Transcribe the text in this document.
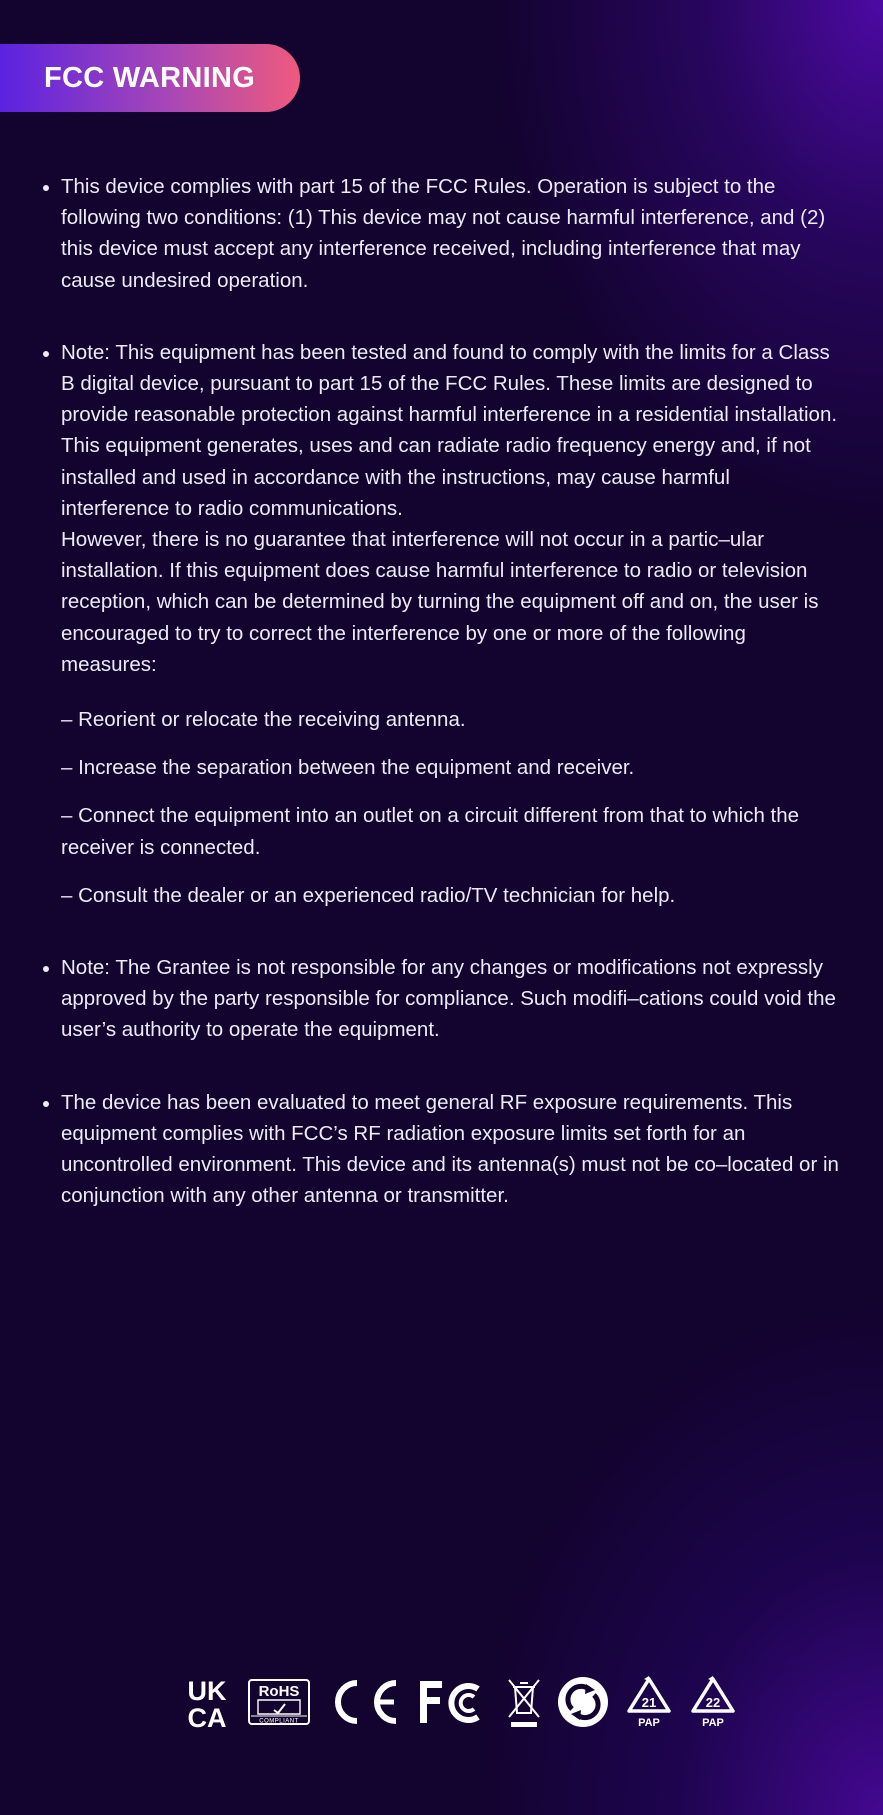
FCC WARNING

This device complies with part 15 of the FCC Rules. Operation is subject to the following two conditions: (1) This device may not cause harmful interference, and (2) this device must accept any interference received, including interference that may cause undesired operation.

Note: This equipment has been tested and found to comply with the limits for a Class B digital device, pursuant to part 15 of the FCC Rules. These limits are designed to provide reasonable protection against harmful interference in a residential installation. This equipment generates, uses and can radiate radio frequency energy and, if not installed and used in accordance with the instructions, may cause harmful interference to radio communications.

However, there is no guarantee that interference will not occur in a partic–ular installation. If this equipment does cause harmful interference to radio or television reception, which can be determined by turning the equipment off and on, the user is encouraged to try to correct the interference by one or more of the following measures:

– Reorient or relocate the receiving antenna.
– Increase the separation between the equipment and receiver.
– Connect the equipment into an outlet on a circuit different from that to which the receiver is connected.
– Consult the dealer or an experienced radio/TV technician for help.

Note: The Grantee is not responsible for any changes or modifications not expressly approved by the party responsible for compliance. Such modifi–cations could void the user’s authority to operate the equipment.

The device has been evaluated to meet general RF exposure requirements. This equipment complies with FCC’s RF radiation exposure limits set forth for an uncontrolled environment. This device and its antenna(s) must not be co–located or in conjunction with any other antenna or transmitter.

UK
CA
RoHS
COMPLIANT
21
PAP
22
PAP
